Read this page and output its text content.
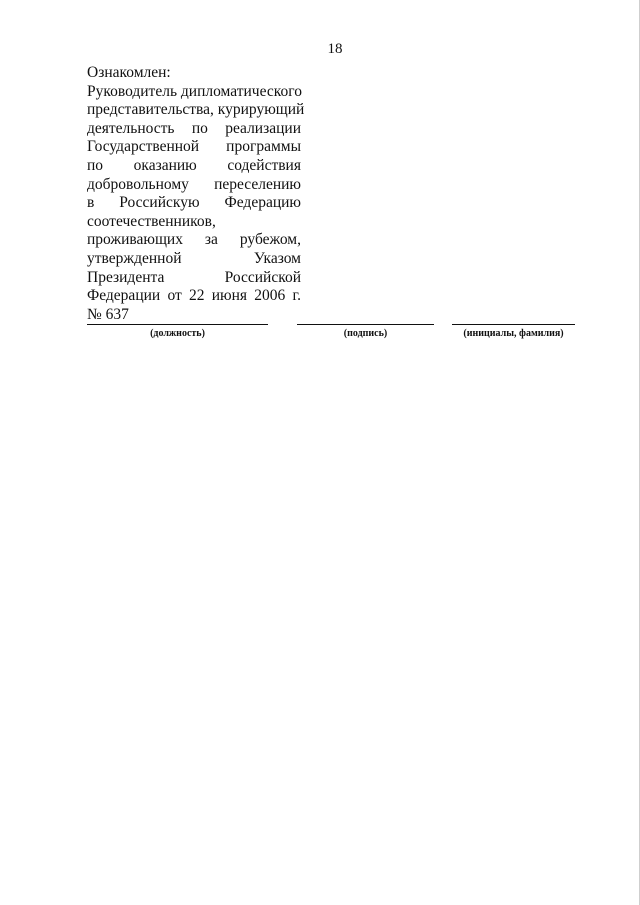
18
Ознакомлен:
Руководитель дипломатического
представительства, курирующий
деятельность по реализации
Государственной программы
по оказанию содействия
добровольному переселению
в Российскую Федерацию
соотечественников,
проживающих за рубежом,
утвержденной Указом
Президента Российской
Федерации от 22 июня 2006 г.
№ 637
(должность)	(подпись)	(инициалы, фамилия)
